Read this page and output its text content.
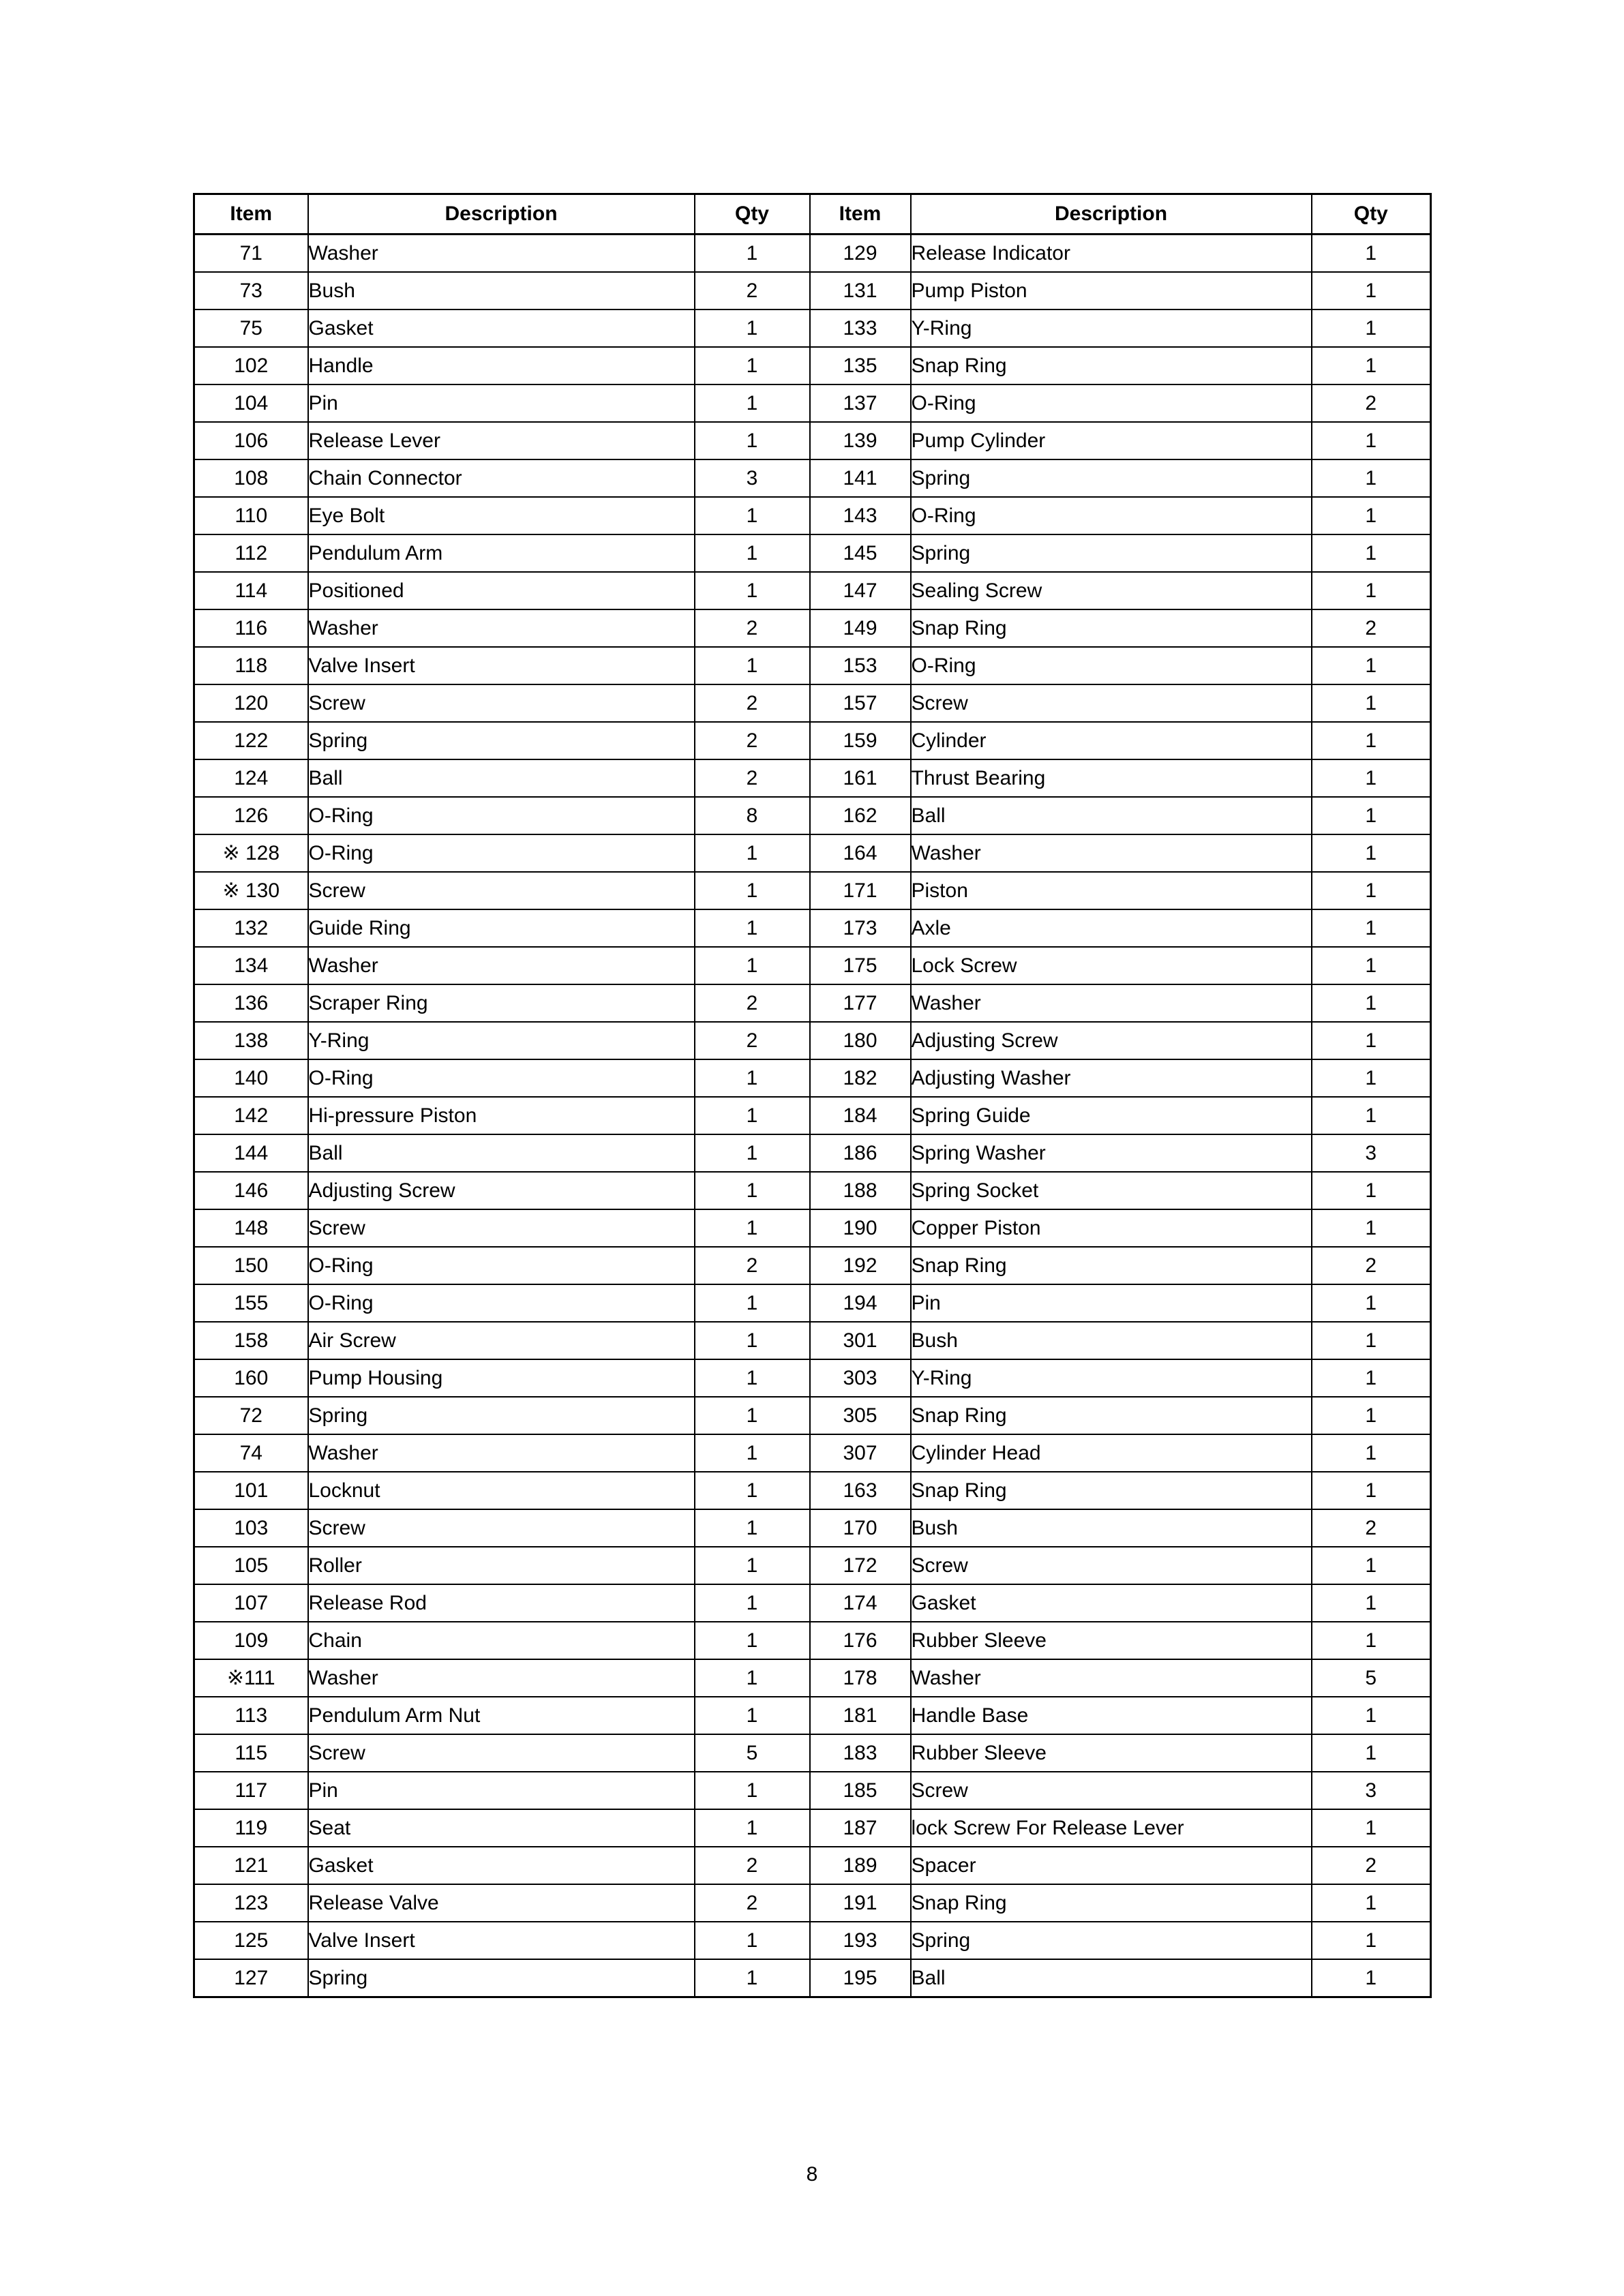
Item	Description	Qty	Item	Description	Qty
71	Washer	1	129	Release Indicator	1
73	Bush	2	131	Pump Piston	1
75	Gasket	1	133	Y-Ring	1
102	Handle	1	135	Snap Ring	1
104	Pin	1	137	O-Ring	2
106	Release Lever	1	139	Pump Cylinder	1
108	Chain Connector	3	141	Spring	1
110	Eye Bolt	1	143	O-Ring	1
112	Pendulum Arm	1	145	Spring	1
114	Positioned	1	147	Sealing Screw	1
116	Washer	2	149	Snap Ring	2
118	Valve Insert	1	153	O-Ring	1
120	Screw	2	157	Screw	1
122	Spring	2	159	Cylinder	1
124	Ball	2	161	Thrust Bearing	1
126	O-Ring	8	162	Ball	1
※ 128	O-Ring	1	164	Washer	1
※ 130	Screw	1	171	Piston	1
132	Guide Ring	1	173	Axle	1
134	Washer	1	175	Lock Screw	1
136	Scraper Ring	2	177	Washer	1
138	Y-Ring	2	180	Adjusting Screw	1
140	O-Ring	1	182	Adjusting Washer	1
142	Hi-pressure Piston	1	184	Spring Guide	1
144	Ball	1	186	Spring Washer	3
146	Adjusting Screw	1	188	Spring Socket	1
148	Screw	1	190	Copper Piston	1
150	O-Ring	2	192	Snap Ring	2
155	O-Ring	1	194	Pin	1
158	Air Screw	1	301	Bush	1
160	Pump Housing	1	303	Y-Ring	1
72	Spring	1	305	Snap Ring	1
74	Washer	1	307	Cylinder Head	1
101	Locknut	1	163	Snap Ring	1
103	Screw	1	170	Bush	2
105	Roller	1	172	Screw	1
107	Release Rod	1	174	Gasket	1
109	Chain	1	176	Rubber Sleeve	1
※111	Washer	1	178	Washer	5
113	Pendulum Arm Nut	1	181	Handle Base	1
115	Screw	5	183	Rubber Sleeve	1
117	Pin	1	185	Screw	3
119	Seat	1	187	lock Screw For Release Lever	1
121	Gasket	2	189	Spacer	2
123	Release Valve	2	191	Snap Ring	1
125	Valve Insert	1	193	Spring	1
127	Spring	1	195	Ball	1
8
